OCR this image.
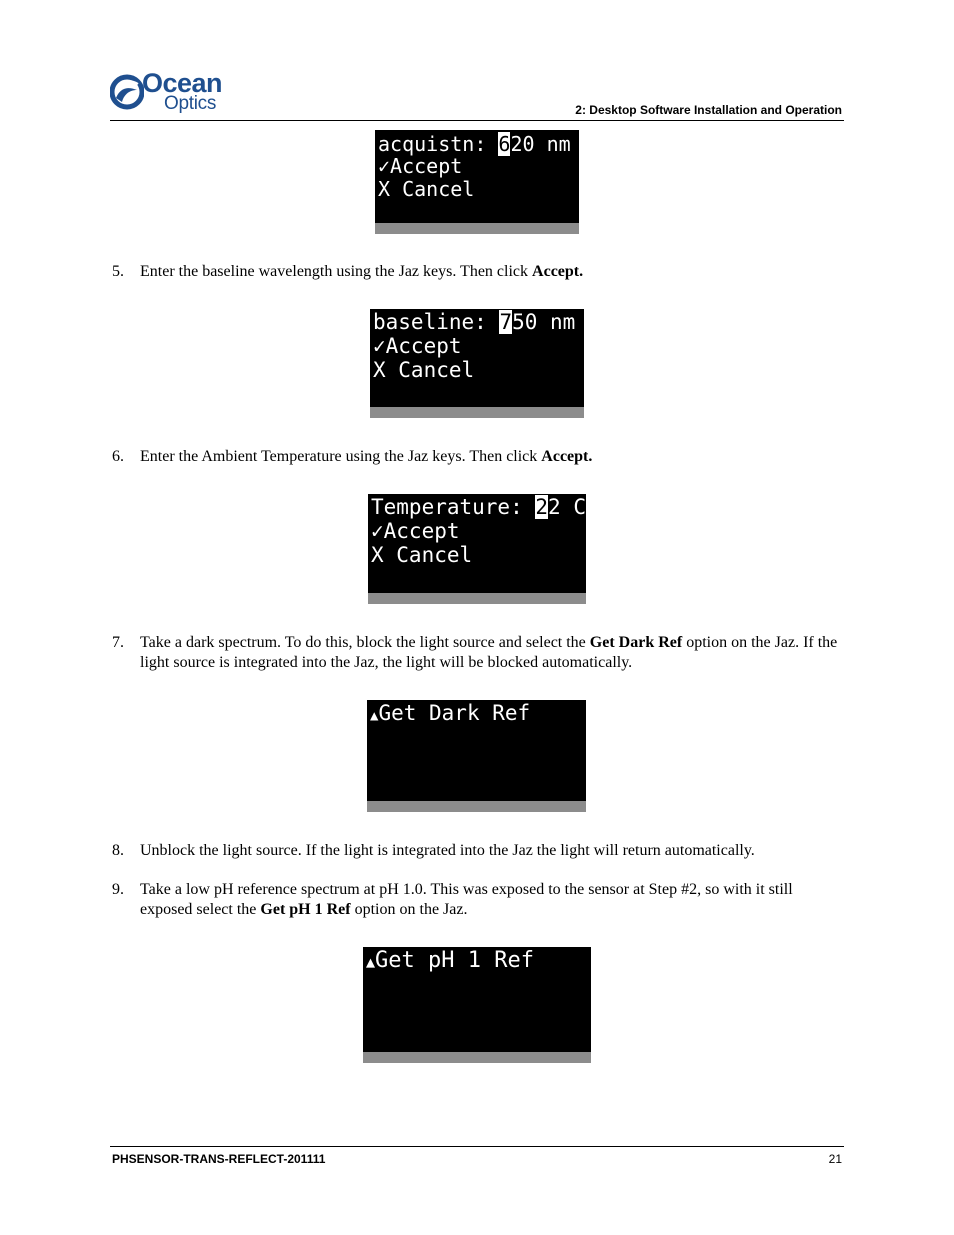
Ocean
Optics	2: Desktop Software Installation and Operation
acquistn: 620 nm
✓Accept
X Cancel
5. Enter the baseline wavelength using the Jaz keys. Then click Accept.
baseline: 750 nm
✓Accept
X Cancel
6. Enter the Ambient Temperature using the Jaz keys. Then click Accept.
Temperature: 22 C
✓Accept
X Cancel
7. Take a dark spectrum. To do this, block the light source and select the Get Dark Ref option on the Jaz. If the light source is integrated into the Jaz, the light will be blocked automatically.
▲Get Dark Ref
8. Unblock the light source. If the light is integrated into the Jaz the light will return automatically.
9. Take a low pH reference spectrum at pH 1.0. This was exposed to the sensor at Step #2, so with it still exposed select the Get pH 1 Ref option on the Jaz.
▲Get pH 1 Ref
PHSENSOR-TRANS-REFLECT-201111	21
